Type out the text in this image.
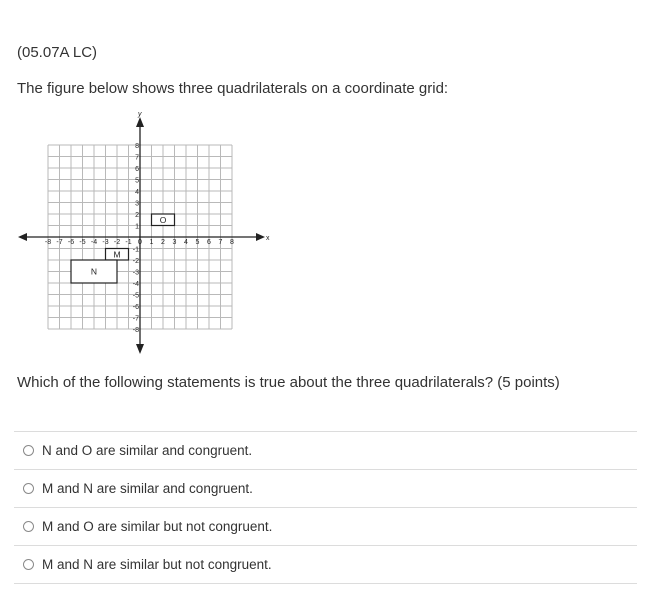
(05.07A LC)
The figure below shows three quadrilaterals on a coordinate grid:
x
y
-8 -7 -6 -5 -4 -3 -2 -1 0 1 2 3 4 5 6 7 8
8
7
6
5
4
3
2
1
-1
-2
-3
-4
-5
-6
-7
-8
O
M
N
Which of the following statements is true about the three quadrilaterals? (5 points)
N and O are similar and congruent.
M and N are similar and congruent.
M and O are similar but not congruent.
M and N are similar but not congruent.
